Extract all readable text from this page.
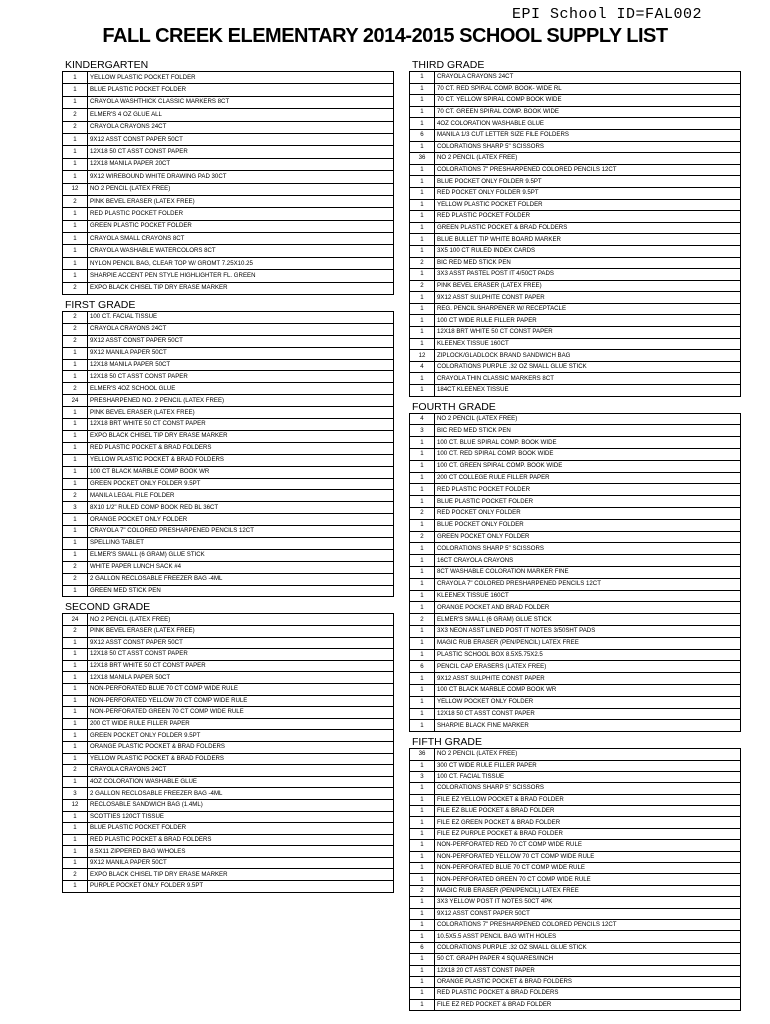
EPI School ID=FAL002
FALL CREEK ELEMENTARY 2014-2015 SCHOOL SUPPLY LIST
KINDERGARTEN
1	YELLOW PLASTIC POCKET FOLDER
1	BLUE PLASTIC POCKET FOLDER
1	CRAYOLA WASHTHICK CLASSIC MARKERS 8CT
2	ELMER'S 4 OZ GLUE ALL
2	CRAYOLA CRAYONS 24CT
1	9X12 ASST CONST PAPER 50CT
1	12X18 50 CT ASST CONST PAPER
1	12X18 MANILA PAPER 20CT
1	9X12 WIREBOUND WHITE DRAWING PAD 30CT
12	NO 2 PENCIL (LATEX FREE)
2	PINK BEVEL ERASER (LATEX FREE)
1	RED PLASTIC POCKET FOLDER
1	GREEN PLASTIC POCKET FOLDER
1	CRAYOLA SMALL CRAYONS 8CT
1	CRAYOLA WASHABLE WATERCOLORS 8CT
1	NYLON PENCIL BAG, CLEAR TOP W/ GROMT 7.25X10.25
1	SHARPIE ACCENT PEN STYLE HIGHLIGHTER FL. GREEN
2	EXPO BLACK CHISEL TIP DRY ERASE MARKER
FIRST GRADE
2	100 CT. FACIAL TISSUE
2	CRAYOLA CRAYONS 24CT
2	9X12 ASST CONST PAPER 50CT
1	9X12 MANILA PAPER 50CT
1	12X18 MANILA PAPER 50CT
1	12X18 50 CT ASST CONST PAPER
2	ELMER'S 4OZ SCHOOL GLUE
24	PRESHARPENED NO. 2 PENCIL (LATEX FREE)
1	PINK BEVEL ERASER (LATEX FREE)
1	12X18 BRT WHITE 50 CT CONST PAPER
1	EXPO BLACK CHISEL TIP DRY ERASE MARKER
1	RED PLASTIC POCKET & BRAD FOLDERS
1	YELLOW PLASTIC POCKET & BRAD FOLDERS
1	100 CT BLACK MARBLE COMP BOOK WR
1	GREEN POCKET ONLY FOLDER 9.5PT
2	MANILA LEGAL FILE FOLDER
3	8X10 1/2" RULED COMP BOOK RED BL 36CT
1	ORANGE POCKET ONLY FOLDER
1	CRAYOLA 7" COLORED PRESHARPENED PENCILS 12CT
1	SPELLING TABLET
1	ELMER'S SMALL (6 GRAM) GLUE STICK
2	WHITE PAPER LUNCH SACK #4
2	2 GALLON RECLOSABLE FREEZER BAG -4ML
1	GREEN MED STICK PEN
SECOND GRADE
24	NO 2 PENCIL (LATEX FREE)
2	PINK BEVEL ERASER (LATEX FREE)
1	9X12 ASST CONST PAPER 50CT
1	12X18 50 CT ASST CONST PAPER
1	12X18 BRT WHITE 50 CT CONST PAPER
1	12X18 MANILA PAPER 50CT
1	NON-PERFORATED BLUE 70 CT COMP WIDE RULE
1	NON-PERFORATED YELLOW 70 CT COMP WIDE RULE
1	NON-PERFORATED GREEN 70 CT COMP WIDE RULE
1	200 CT WIDE RULE FILLER PAPER
1	GREEN POCKET ONLY FOLDER 9.5PT
1	ORANGE PLASTIC POCKET & BRAD FOLDERS
1	YELLOW PLASTIC POCKET & BRAD FOLDERS
2	CRAYOLA CRAYONS 24CT
1	4OZ COLORATION WASHABLE GLUE
3	2 GALLON RECLOSABLE FREEZER BAG -4ML
12	RECLOSABLE SANDWICH BAG (1.4ML)
1	SCOTTIES 120CT TISSUE
1	BLUE PLASTIC POCKET FOLDER
1	RED PLASTIC POCKET & BRAD FOLDERS
1	8.5X11 ZIPPERED BAG W/HOLES
1	9X12 MANILA PAPER 50CT
2	EXPO BLACK CHISEL TIP DRY ERASE MARKER
1	PURPLE POCKET ONLY FOLDER 9.5PT
THIRD GRADE
1	CRAYOLA CRAYONS 24CT
1	70 CT. RED SPIRAL COMP. BOOK- WIDE RL
1	70 CT. YELLOW SPIRAL COMP BOOK WIDE
1	70 CT. GREEN SPIRAL COMP. BOOK WIDE
1	4OZ COLORATION WASHABLE GLUE
6	MANILA 1/3 CUT LETTER SIZE FILE FOLDERS
1	COLORATIONS SHARP 5" SCISSORS
36	NO 2 PENCIL (LATEX FREE)
1	COLORATIONS 7" PRESHARPENED COLORED PENCILS 12CT
1	BLUE POCKET ONLY FOLDER 9.5PT
1	RED POCKET ONLY FOLDER 9.5PT
1	YELLOW PLASTIC POCKET FOLDER
1	RED PLASTIC POCKET FOLDER
1	GREEN PLASTIC POCKET & BRAD FOLDERS
1	BLUE BULLET TIP WHITE BOARD MARKER
1	3X5 100 CT RULED INDEX CARDS
2	BIC RED MED STICK PEN
1	3X3 ASST PASTEL POST IT 4/50CT PADS
2	PINK BEVEL ERASER (LATEX FREE)
1	9X12 ASST SULPHITE CONST PAPER
1	REG. PENCIL SHARPENER W/ RECEPTACLE
1	100 CT WIDE RULE FILLER PAPER
1	12X18 BRT WHITE 50 CT CONST PAPER
1	KLEENEX TISSUE 160CT
12	ZIPLOCK/GLADLOCK BRAND SANDWICH BAG
4	COLORATIONS PURPLE .32 OZ SMALL GLUE STICK
1	CRAYOLA THIN CLASSIC MARKERS 8CT
1	184CT KLEENEX TISSUE
FOURTH GRADE
4	NO 2 PENCIL (LATEX FREE)
3	BIC RED MED STICK PEN
1	100 CT. BLUE SPIRAL COMP. BOOK WIDE
1	100 CT. RED SPIRAL COMP. BOOK WIDE
1	100 CT. GREEN SPIRAL COMP. BOOK WIDE
1	200 CT COLLEGE RULE FILLER PAPER
1	RED PLASTIC POCKET FOLDER
1	BLUE PLASTIC POCKET FOLDER
2	RED POCKET ONLY FOLDER
1	BLUE POCKET ONLY FOLDER
2	GREEN POCKET ONLY FOLDER
1	COLORATIONS SHARP 5" SCISSORS
1	16CT CRAYOLA CRAYONS
1	8CT WASHABLE COLORATION MARKER FINE
1	CRAYOLA 7" COLORED PRESHARPENED PENCILS 12CT
1	KLEENEX TISSUE 160CT
1	ORANGE POCKET AND BRAD FOLDER
2	ELMER'S SMALL (6 GRAM) GLUE STICK
1	3X3 NEON ASST LINED POST IT NOTES 3/50SHT PADS
1	MAGIC RUB ERASER (PEN/PENCIL) LATEX FREE
1	PLASTIC SCHOOL BOX 8.5X5.75X2.5
6	PENCIL CAP ERASERS (LATEX FREE)
1	9X12 ASST SULPHITE CONST PAPER
1	100 CT BLACK MARBLE COMP BOOK WR
1	YELLOW POCKET ONLY FOLDER
1	12X18 50 CT ASST CONST PAPER
1	SHARPIE BLACK FINE MARKER
FIFTH GRADE
36	NO 2 PENCIL (LATEX FREE)
1	300 CT WIDE RULE FILLER PAPER
3	100 CT. FACIAL TISSUE
1	COLORATIONS SHARP 5" SCISSORS
1	FILE EZ YELLOW POCKET & BRAD FOLDER
1	FILE EZ BLUE POCKET & BRAD FOLDER
1	FILE EZ GREEN POCKET & BRAD FOLDER
1	FILE EZ PURPLE POCKET & BRAD FOLDER
1	NON-PERFORATED RED 70 CT COMP WIDE RULE
1	NON-PERFORATED YELLOW 70 CT COMP WIDE RULE
1	NON-PERFORATED BLUE 70 CT COMP WIDE RULE
1	NON-PERFORATED GREEN 70 CT COMP WIDE RULE
2	MAGIC RUB ERASER (PEN/PENCIL) LATEX FREE
1	3X3 YELLOW POST IT NOTES 50CT 4PK
1	9X12 ASST CONST PAPER 50CT
1	COLORATIONS 7" PRESHARPENED COLORED PENCILS 12CT
1	10.5X5.5 ASST PENCIL BAG WITH HOLES
6	COLORATIONS PURPLE .32 OZ SMALL GLUE STICK
1	50 CT. GRAPH PAPER 4 SQUARES/INCH
1	12X18 20 CT ASST CONST PAPER
1	ORANGE PLASTIC POCKET & BRAD FOLDERS
1	RED PLASTIC POCKET & BRAD FOLDERS
1	FILE EZ RED POCKET & BRAD FOLDER
